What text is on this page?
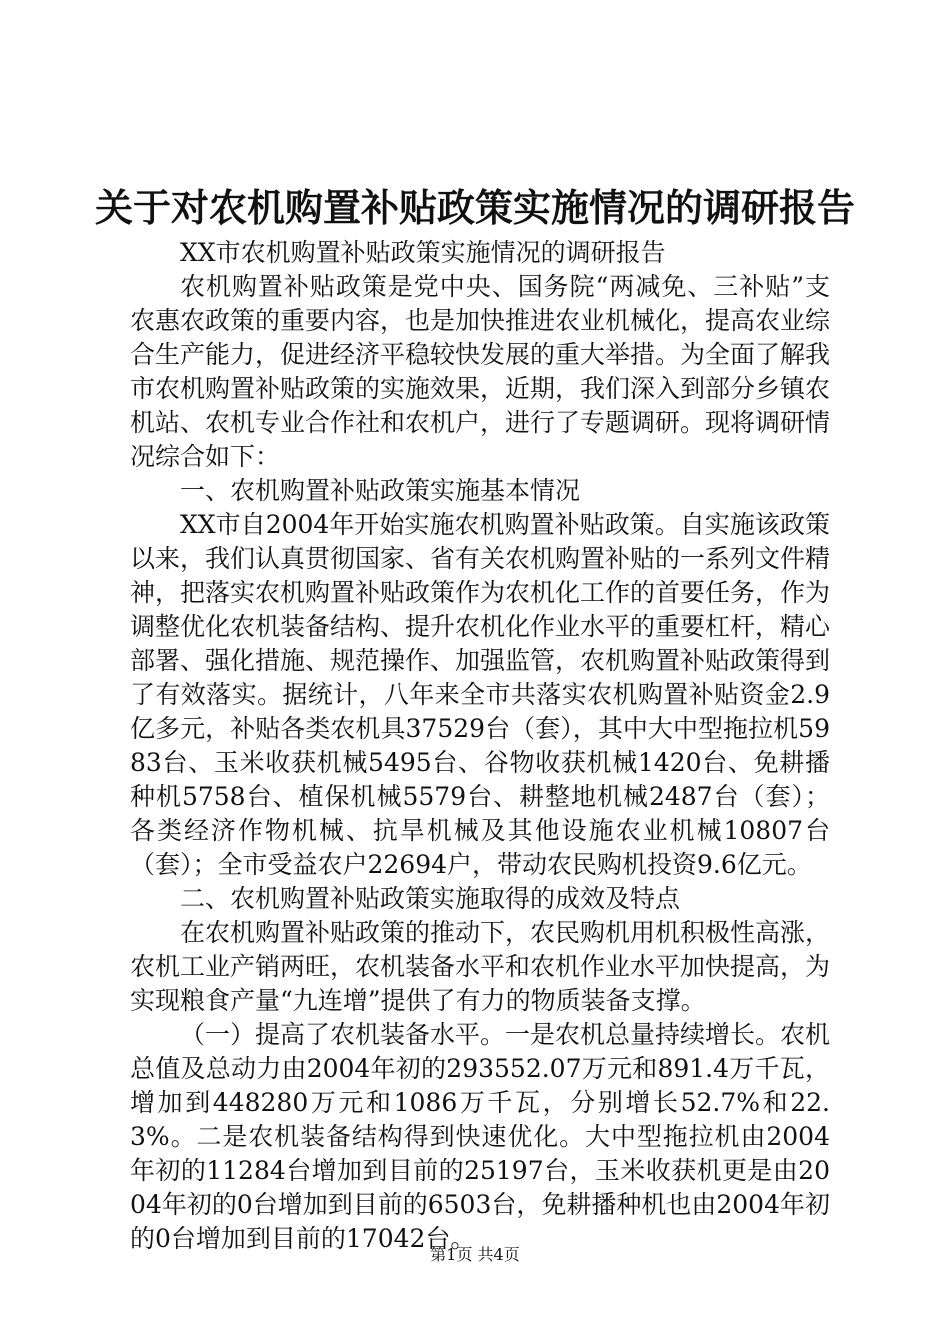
关于对农机购置补贴政策实施情况的调研报告

XX市农机购置补贴政策实施情况的调研报告

农机购置补贴政策是党中央、国务院“两减免、三补贴”支农惠农政策的重要内容，也是加快推进农业机械化，提高农业综合生产能力，促进经济平稳较快发展的重大举措。为全面了解我市农机购置补贴政策的实施效果，近期，我们深入到部分乡镇农机站、农机专业合作社和农机户，进行了专题调研。现将调研情况综合如下：

一、农机购置补贴政策实施基本情况

XX市自2004年开始实施农机购置补贴政策。自实施该政策以来，我们认真贯彻国家、省有关农机购置补贴的一系列文件精神，把落实农机购置补贴政策作为农机化工作的首要任务，作为调整优化农机装备结构、提升农机化作业水平的重要杠杆，精心部署、强化措施、规范操作、加强监管，农机购置补贴政策得到了有效落实。据统计，八年来全市共落实农机购置补贴资金2.9亿多元，补贴各类农机具37529台（套），其中大中型拖拉机5983台、玉米收获机械5495台、谷物收获机械1420台、免耕播种机5758台、植保机械5579台、耕整地机械2487台（套）；各类经济作物机械、抗旱机械及其他设施农业机械10807台（套）；全市受益农户22694户，带动农民购机投资9.6亿元。

二、农机购置补贴政策实施取得的成效及特点

在农机购置补贴政策的推动下，农民购机用机积极性高涨，农机工业产销两旺，农机装备水平和农机作业水平加快提高，为实现粮食产量“九连增”提供了有力的物质装备支撑。

（一）提高了农机装备水平。一是农机总量持续增长。农机总值及总动力由2004年初的293552.07万元和891.4万千瓦，增加到448280万元和1086万千瓦，分别增长52.7%和22.3%。二是农机装备结构得到快速优化。大中型拖拉机由2004年初的11284台增加到目前的25197台，玉米收获机更是由2004年初的0台增加到目前的6503台，免耕播种机也由2004年初的0台增加到目前的17042台。

第1页 共4页
